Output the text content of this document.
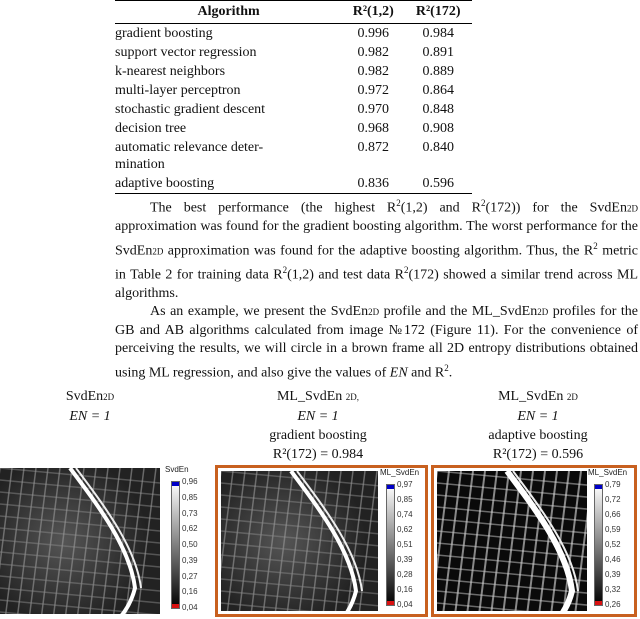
Algorithm	R²(1,2)	R²(172)
gradient boosting	0.996	0.984
support vector regression	0.982	0.891
k-nearest neighbors	0.982	0.889
multi-layer perceptron	0.972	0.864
stochastic gradient descent	0.970	0.848
decision tree	0.968	0.908
automatic relevance deter-
mination	0.872	0.840
adaptive boosting	0.836	0.596

The best performance (the highest $R^2(1,2)$ and $R^2(172)$) for the SvdEn2D approximation was found for the gradient boosting algorithm. The worst performance for the SvdEn2D approximation was found for the adaptive boosting algorithm. Thus, the $R^2$ metric in Table 2 for training data $R^2(1,2)$ and test data $R^2(172)$ showed a similar trend across ML algorithms.

As an example, we present the SvdEn2D profile and the ML_SvdEn2D profiles for the GB and AB algorithms calculated from image №172 (Figure 11). For the convenience of perceiving the results, we will circle in a brown frame all 2D entropy distributions obtained using ML regression, and also give the values of EN and $R^2$.

SvdEn2D
EN = 1
ML_SvdEn 2D,
EN = 1
gradient boosting
R²(172) = 0.984
ML_SvdEn 2D
EN = 1
adaptive boosting
R²(172) = 0.596
SvdEn
0,96
0,85
0,73
0,62
0,50
0,39
0,27
0,16
0,04
ML_SvdEn
0,97
0,85
0,74
0,62
0,51
0,39
0,28
0,16
0,04
ML_SvdEn
0,79
0,72
0,66
0,59
0,52
0,46
0,39
0,32
0,26
